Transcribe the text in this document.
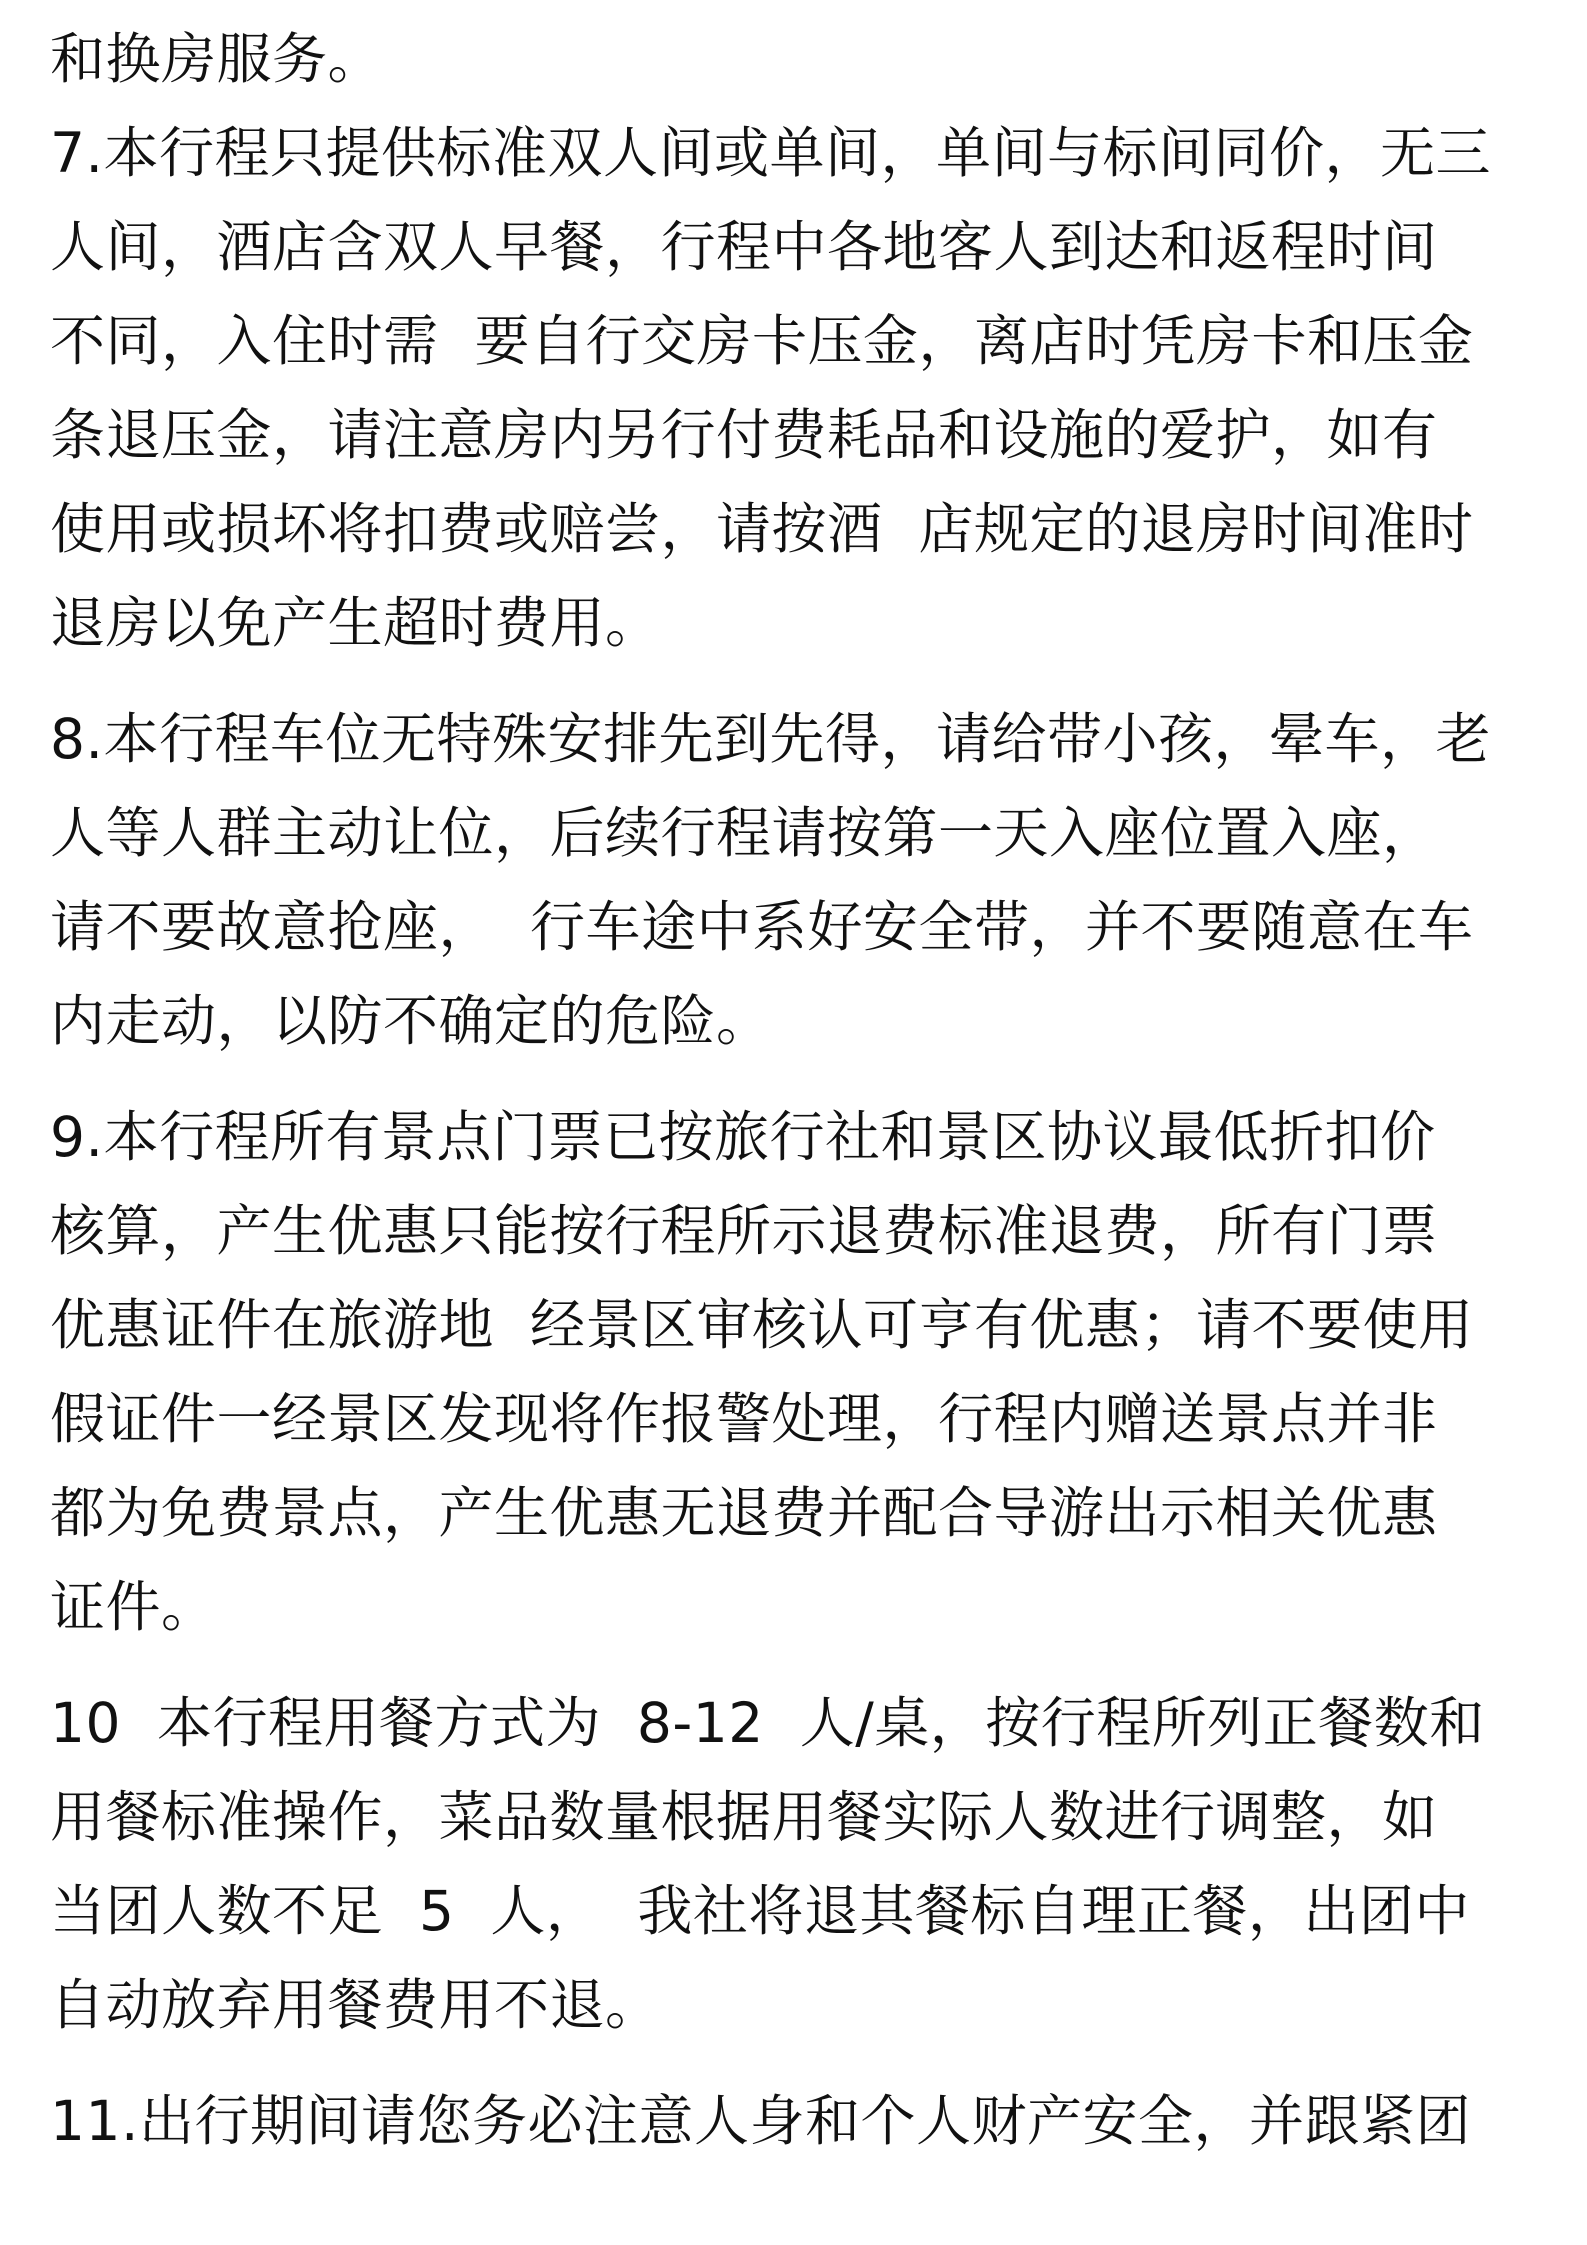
和换房服务。
7.本行程只提供标准双人间或单间，单间与标间同价，无三
人间，酒店含双人早餐，行程中各地客人到达和返程时间
不同，入住时需  要自行交房卡压金，离店时凭房卡和压金
条退压金，请注意房内另行付费耗品和设施的爱护，如有
使用或损坏将扣费或赔尝，请按酒  店规定的退房时间准时
退房以免产生超时费用。
8.本行程车位无特殊安排先到先得，请给带小孩，晕车，老
人等人群主动让位，后续行程请按第一天入座位置入座，
请不要故意抢座，  行车途中系好安全带，并不要随意在车
内走动，以防不确定的危险。
9.本行程所有景点门票已按旅行社和景区协议最低折扣价
核算，产生优惠只能按行程所示退费标准退费，所有门票
优惠证件在旅游地  经景区审核认可亨有优惠；请不要使用
假证件一经景区发现将作报警处理，行程内赠送景点并非
都为免费景点，产生优惠无退费并配合导游出示相关优惠
证件。
10  本行程用餐方式为  8-12  人/桌，按行程所列正餐数和
用餐标准操作，菜品数量根据用餐实际人数进行调整，如
当团人数不足  5  人，  我社将退其餐标自理正餐，出团中
自动放弃用餐费用不退。
11.出行期间请您务必注意人身和个人财产安全，并跟紧团
